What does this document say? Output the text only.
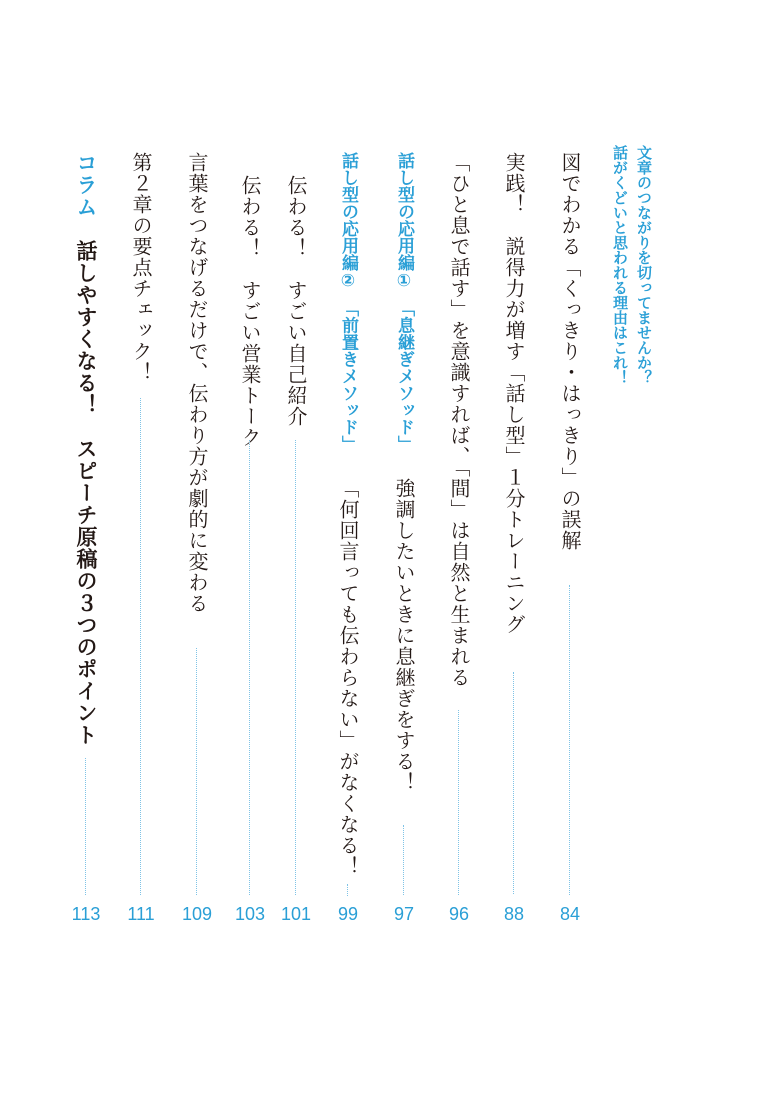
文章のつながりを切ってませんか？
話がくどいと思われる理由はこれ！
図でわかる「くっきり・はっきり」の誤解
84
実践！　説得力が増す「話し型」１分トレーニング
88
「ひと息で話す」を意識すれば、「間」は自然と生まれる
96
話し型の応用編①　「息継ぎメソッド」
強調したいときに息継ぎをする！
97
話し型の応用編②　「前置きメソッド」
「何回言っても伝わらない」がなくなる！
99
伝わる！　すごい自己紹介
101
伝わる！　すごい営業トーク
103
言葉をつなげるだけで、伝わり方が劇的に変わる
109
第２章の要点チェック！
111
コラム
話しやすくなる！　スピーチ原稿の３つのポイント
113
